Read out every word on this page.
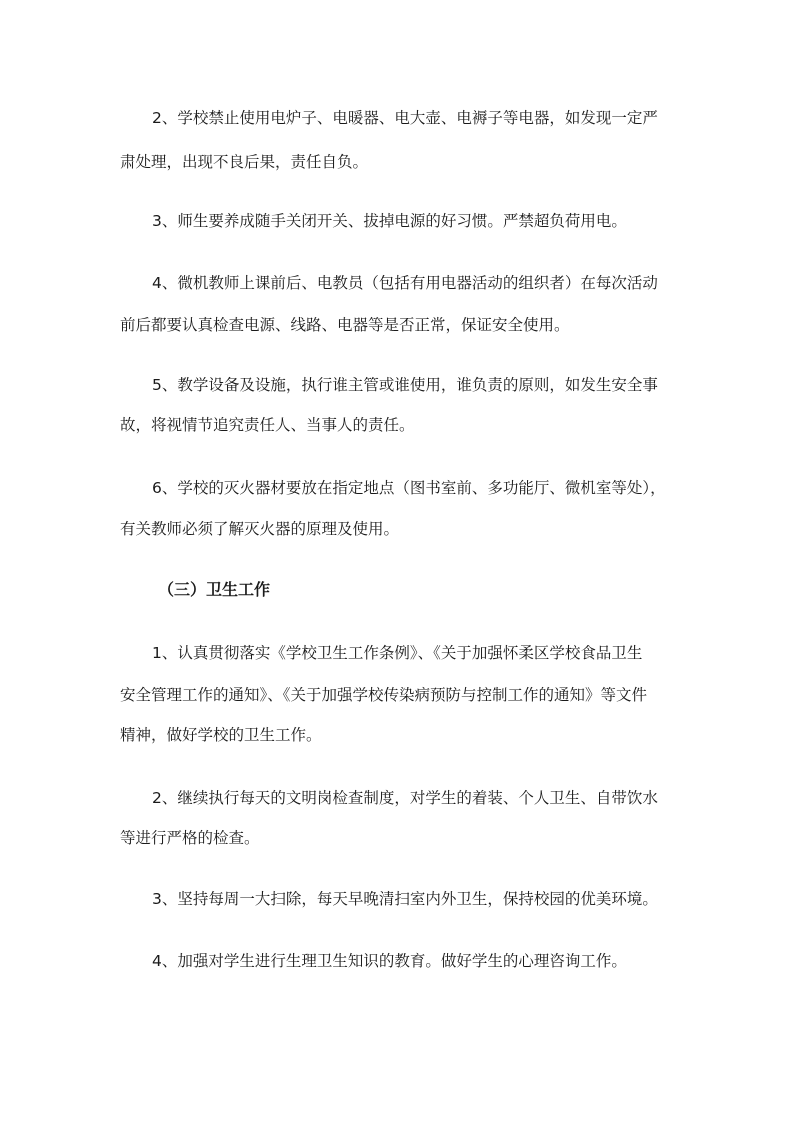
2、学校禁止使用电炉子、电暖器、电大壶、电褥子等电器，如发现一定严
肃处理，出现不良后果，责任自负。
3、师生要养成随手关闭开关、拔掉电源的好习惯。严禁超负荷用电。
4、微机教师上课前后、电教员（包括有用电器活动的组织者）在每次活动
前后都要认真检查电源、线路、电器等是否正常，保证安全使用。
5、教学设备及设施，执行谁主管或谁使用，谁负责的原则，如发生安全事
故，将视情节追究责任人、当事人的责任。
6、学校的灭火器材要放在指定地点（图书室前、多功能厅、微机室等处），
有关教师必须了解灭火器的原理及使用。
（三）卫生工作
1、认真贯彻落实《学校卫生工作条例》、《关于加强怀柔区学校食品卫生
安全管理工作的通知》、《关于加强学校传染病预防与控制工作的通知》等文件
精神，做好学校的卫生工作。
2、继续执行每天的文明岗检查制度，对学生的着装、个人卫生、自带饮水
等进行严格的检查。
3、坚持每周一大扫除，每天早晚清扫室内外卫生，保持校园的优美环境。
4、加强对学生进行生理卫生知识的教育。做好学生的心理咨询工作。
